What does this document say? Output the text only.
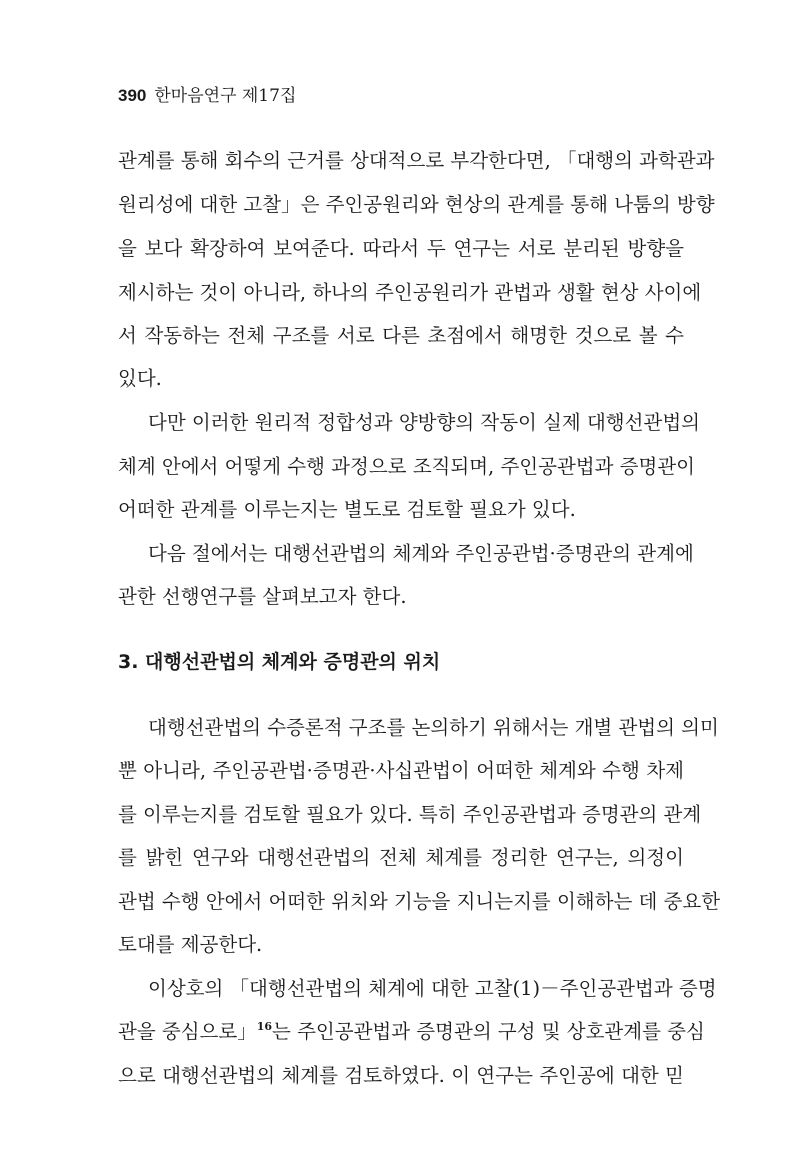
390 한마음연구 제17집
관계를 통해 회수의 근거를 상대적으로 부각한다면, 「대행의 과학관과
원리성에 대한 고찰」은 주인공원리와 현상의 관계를 통해 나툼의 방향
을 보다 확장하여 보여준다. 따라서 두 연구는 서로 분리된 방향을
제시하는 것이 아니라, 하나의 주인공원리가 관법과 생활 현상 사이에
서 작동하는 전체 구조를 서로 다른 초점에서 해명한 것으로 볼 수
있다.
다만 이러한 원리적 정합성과 양방향의 작동이 실제 대행선관법의
체계 안에서 어떻게 수행 과정으로 조직되며, 주인공관법과 증명관이
어떠한 관계를 이루는지는 별도로 검토할 필요가 있다.
다음 절에서는 대행선관법의 체계와 주인공관법·증명관의 관계에
관한 선행연구를 살펴보고자 한다.
3. 대행선관법의 체계와 증명관의 위치
대행선관법의 수증론적 구조를 논의하기 위해서는 개별 관법의 의미
뿐 아니라, 주인공관법·증명관·사십관법이 어떠한 체계와 수행 차제
를 이루는지를 검토할 필요가 있다. 특히 주인공관법과 증명관의 관계
를 밝힌 연구와 대행선관법의 전체 체계를 정리한 연구는, 의정이
관법 수행 안에서 어떠한 위치와 기능을 지니는지를 이해하는 데 중요한
토대를 제공한다.
이상호의 「대행선관법의 체계에 대한 고찰(1)－주인공관법과 증명
관을 중심으로」$^{16}$는 주인공관법과 증명관의 구성 및 상호관계를 중심
으로 대행선관법의 체계를 검토하였다. 이 연구는 주인공에 대한 믿
